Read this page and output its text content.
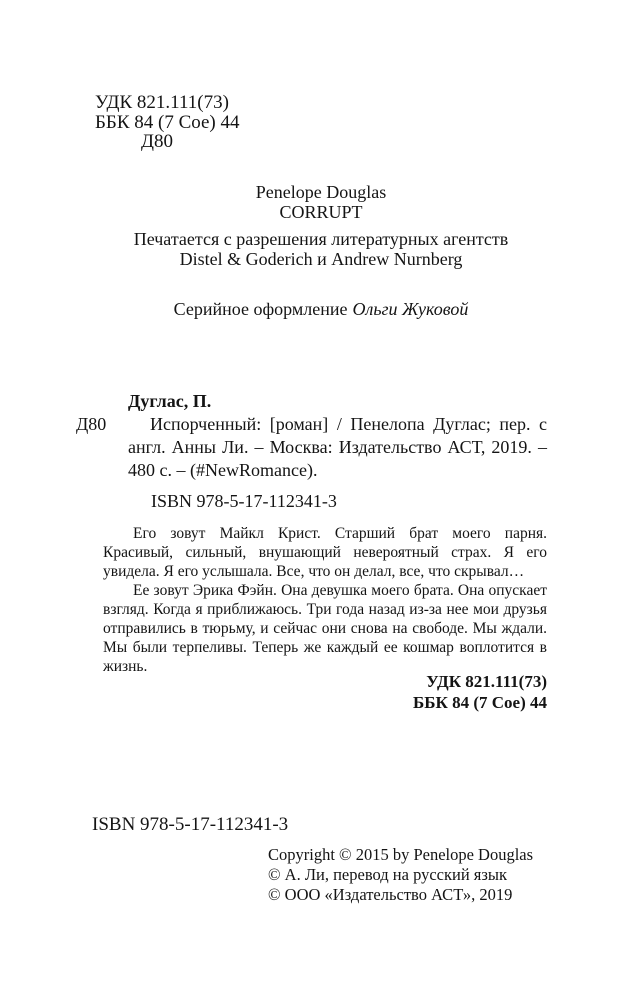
УДК 821.111(73)
ББК 84 (7 Сое) 44
Д80
Penelope Douglas
CORRUPT
Печатается с разрешения литературных агентств
Distel & Goderich и Andrew Nurnberg
Серийное оформление Ольги Жуковой
Дуглас, П.
Д80	Испорченный: [роман] / Пенелопа Дуглас; пер. с англ. Анны Ли. – Москва: Издательство АСТ, 2019. – 480 с. – (#NewRomance).

ISBN 978-5-17-112341-3

Его зовут Майкл Крист. Старший брат моего парня. Красивый, сильный, внушающий невероятный страх. Я его увидела. Я его услышала. Все, что он делал, все, что скрывал…

Ее зовут Эрика Фэйн. Она девушка моего брата. Она опускает взгляд. Когда я приближаюсь. Три года назад из-за нее мои друзья отправились в тюрьму, и сейчас они снова на свободе. Мы ждали. Мы были терпеливы. Теперь же каждый ее кошмар воплотится в жизнь.

УДК 821.111(73)
ББК 84 (7 Сое) 44
ISBN 978-5-17-112341-3
Copyright © 2015 by Penelope Douglas
© А. Ли, перевод на русский язык
© ООО «Издательство АСТ», 2019
